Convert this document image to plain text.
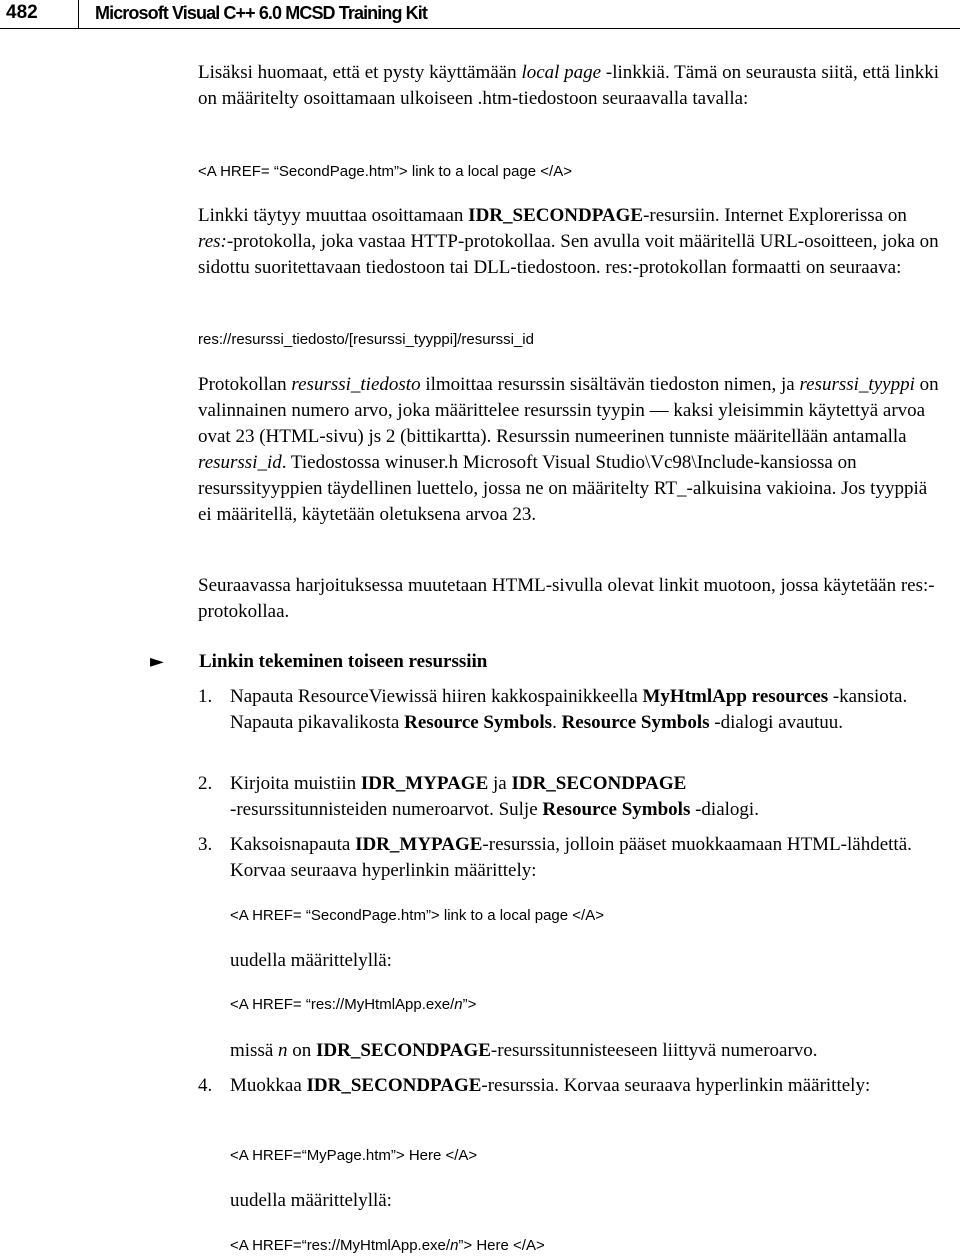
482	Microsoft Visual C++ 6.0 MCSD Training Kit

Lisäksi huomaat, että et pysty käyttämään local page -linkkiä. Tämä on seurausta siitä, että linkki on määritelty osoittamaan ulkoiseen .htm-tiedostoon seuraavalla tavalla:

<A HREF= “SecondPage.htm”> link to a local page </A>

Linkki täytyy muuttaa osoittamaan IDR_SECONDPAGE-resursiin. Internet Explorerissa on res:-protokolla, joka vastaa HTTP-protokollaa. Sen avulla voit määritellä URL-osoitteen, joka on sidottu suoritettavaan tiedostoon tai DLL-tiedostoon. res:-protokollan formaatti on seuraava:

res://resurssi_tiedosto/[resurssi_tyyppi]/resurssi_id

Protokollan resurssi_tiedosto ilmoittaa resurssin sisältävän tiedoston nimen, ja resurssi_tyyppi on valinnainen numero arvo, joka määrittelee resurssin tyypin — kaksi yleisimmin käytettyä arvoa ovat 23 (HTML-sivu) js 2 (bittikartta). Resurssin numeerinen tunniste määritellään antamalla resurssi_id. Tiedostossa winuser.h Microsoft Visual Studio\Vc98\Include-kansiossa on resurssityyppien täydellinen luettelo, jossa ne on määritelty RT_-alkuisina vakioina. Jos tyyppiä ei määritellä, käytetään oletuksena arvoa 23.

Seuraavassa harjoituksessa muutetaan HTML-sivulla olevat linkit muotoon, jossa käytetään res:-protokollaa.

► Linkin tekeminen toiseen resurssiin
1. Napauta ResourceViewissä hiiren kakkospainikkeella MyHtmlApp resources -kansiota. Napauta pikavalikosta Resource Symbols. Resource Symbols -dialogi avautuu.

2. Kirjoita muistiin IDR_MYPAGE ja IDR_SECONDPAGE
-resurssitunnisteiden numeroarvot. Sulje Resource Symbols -dialogi.

3. Kaksoisnapauta IDR_MYPAGE-resurssia, jolloin pääset muokkaamaan HTML-lähdettä. Korvaa seuraava hyperlinkin määrittely:

<A HREF= “SecondPage.htm”> link to a local page </A>

uudella määrittelyllä:

<A HREF= “res://MyHtmlApp.exe/n”>

missä n on IDR_SECONDPAGE-resurssitunnisteeseen liittyvä numeroarvo.

4. Muokkaa IDR_SECONDPAGE-resurssia. Korvaa seuraava hyperlinkin määrittely:

<A HREF=“MyPage.htm”> Here </A>

uudella määrittelyllä:

<A HREF=“res://MyHtmlApp.exe/n”> Here </A>
